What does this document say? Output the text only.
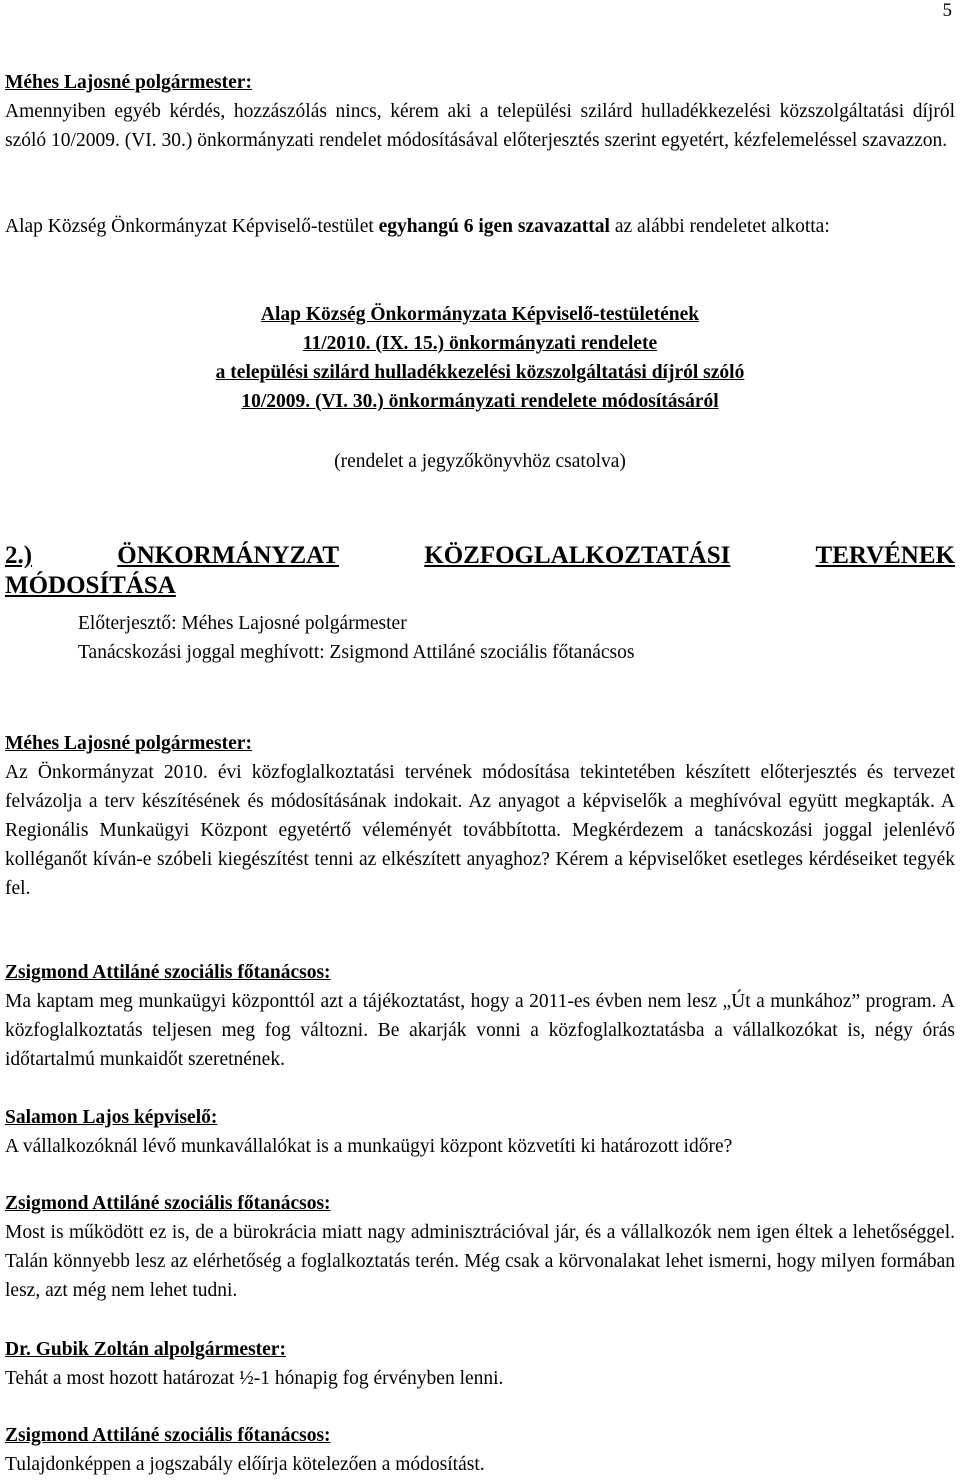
5

Méhes Lajosné polgármester:

Amennyiben egyéb kérdés, hozzászólás nincs, kérem aki a települési szilárd hulladékkezelési közszolgáltatási díjról szóló 10/2009. (VI. 30.) önkormányzati rendelet módosításával előterjesztés szerint egyetért, kézfelemeléssel szavazzon.

Alap Község Önkormányzat Képviselő-testület egyhangú 6 igen szavazattal az alábbi rendeletet alkotta:

Alap Község Önkormányzata Képviselő-testületének

11/2010. (IX. 15.) önkormányzati rendelete

a települési szilárd hulladékkezelési közszolgáltatási díjról szóló

10/2009. (VI. 30.) önkormányzati rendelete módosításáról

(rendelet a jegyzőkönyvhöz csatolva)

2.)	ÖNKORMÁNYZAT	KÖZFOGLALKOZTATÁSI	TERVÉNEK
MÓDOSÍTÁSA

Előterjesztő: Méhes Lajosné polgármester

Tanácskozási joggal meghívott: Zsigmond Attiláné szociális főtanácsos

Méhes Lajosné polgármester:

Az Önkormányzat 2010. évi közfoglalkoztatási tervének módosítása tekintetében készített előterjesztés és tervezet felvázolja a terv készítésének és módosításának indokait. Az anyagot a képviselők a meghívóval együtt megkapták. A Regionális Munkaügyi Központ egyetértő véleményét továbbította. Megkérdezem a tanácskozási joggal jelenlévő kolléganőt kíván-e szóbeli kiegészítést tenni az elkészített anyaghoz? Kérem a képviselőket esetleges kérdéseiket tegyék fel.

Zsigmond Attiláné szociális főtanácsos:

Ma kaptam meg munkaügyi központtól azt a tájékoztatást, hogy a 2011-es évben nem lesz „Út a munkához” program. A közfoglalkoztatás teljesen meg fog változni. Be akarják vonni a közfoglalkoztatásba a vállalkozókat is, négy órás időtartalmú munkaidőt szeretnének.

Salamon Lajos képviselő:

A vállalkozóknál lévő munkavállalókat is a munkaügyi központ közvetíti ki határozott időre?

Zsigmond Attiláné szociális főtanácsos:

Most is működött ez is, de a bürokrácia miatt nagy adminisztrációval jár, és a vállalkozók nem igen éltek a lehetőséggel. Talán könnyebb lesz az elérhetőség a foglalkoztatás terén. Még csak a körvonalakat lehet ismerni, hogy milyen formában lesz, azt még nem lehet tudni.

Dr. Gubik Zoltán alpolgármester:

Tehát a most hozott határozat ½-1 hónapig fog érvényben lenni.

Zsigmond Attiláné szociális főtanácsos:

Tulajdonképpen a jogszabály előírja kötelezően a módosítást.
